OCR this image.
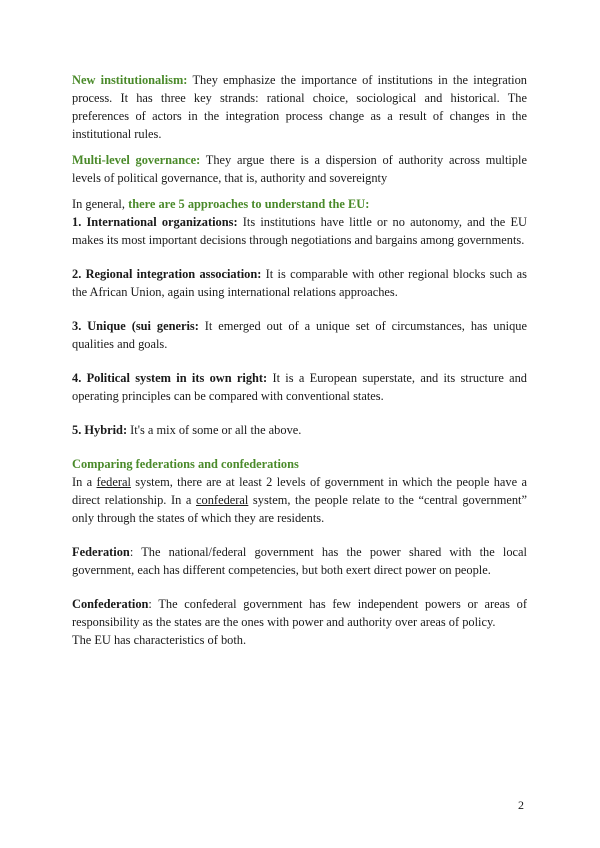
New institutionalism: They emphasize the importance of institutions in the integration process. It has three key strands: rational choice, sociological and historical. The preferences of actors in the integration process change as a result of changes in the institutional rules.

Multi-level governance: They argue there is a dispersion of authority across multiple levels of political governance, that is, authority and sovereignty

In general, there are 5 approaches to understand the EU:

1. International organizations: Its institutions have little or no autonomy, and the EU makes its most important decisions through negotiations and bargains among governments.

2. Regional integration association: It is comparable with other regional blocks such as the African Union, again using international relations approaches.

3. Unique (sui generis: It emerged out of a unique set of circumstances, has unique qualities and goals.

4. Political system in its own right: It is a European superstate, and its structure and operating principles can be compared with conventional states.

5. Hybrid: It's a mix of some or all the above.

Comparing federations and confederations

In a federal system, there are at least 2 levels of government in which the people have a direct relationship. In a confederal system, the people relate to the “central government” only through the states of which they are residents.

Federation: The national/federal government has the power shared with the local government, each has different competencies, but both exert direct power on people.

Confederation: The confederal government has few independent powers or areas of responsibility as the states are the ones with power and authority over areas of policy.

The EU has characteristics of both.

2
